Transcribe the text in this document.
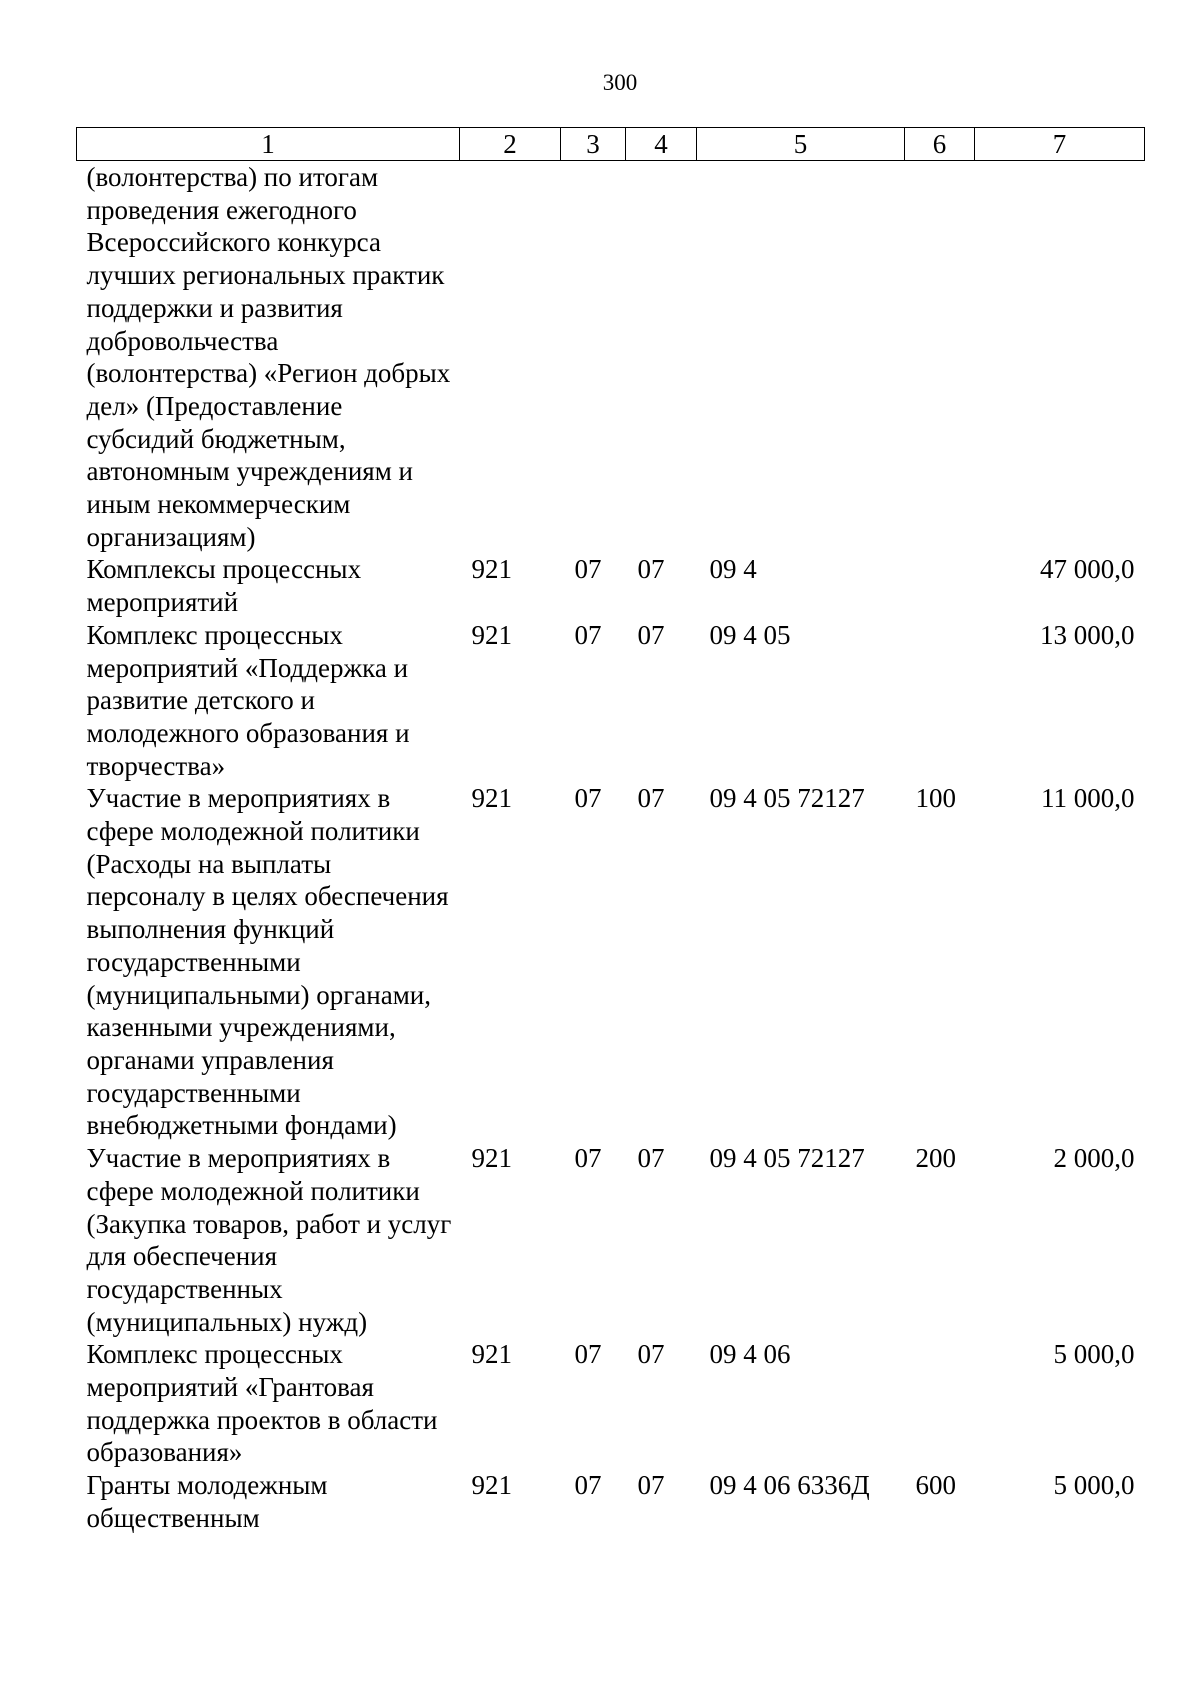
300
1	2	3	4	5	6	7
(волонтерства) по итогам проведения ежегодного Всероссийского конкурса лучших региональных практик поддержки и развития добровольчества (волонтерства) «Регион добрых дел» (Предоставление субсидий бюджетным, автономным учреждениям и иным некоммерческим организациям)						
Комплексы процессных мероприятий	921	07	07	09 4		47 000,0
Комплекс процессных мероприятий «Поддержка и развитие детского и молодежного образования и творчества»	921	07	07	09 4 05		13 000,0
Участие в мероприятиях в сфере молодежной политики (Расходы на выплаты персоналу в целях обеспечения выполнения функций государственными (муниципальными) органами, казенными учреждениями, органами управления государственными внебюджетными фондами)	921	07	07	09 4 05 72127	100	11 000,0
Участие в мероприятиях в сфере молодежной политики (Закупка товаров, работ и услуг для обеспечения государственных (муниципальных) нужд)	921	07	07	09 4 05 72127	200	2 000,0
Комплекс процессных мероприятий «Грантовая поддержка проектов в области образования»	921	07	07	09 4 06		5 000,0
Гранты молодежным общественным	921	07	07	09 4 06 6336Д	600	5 000,0
